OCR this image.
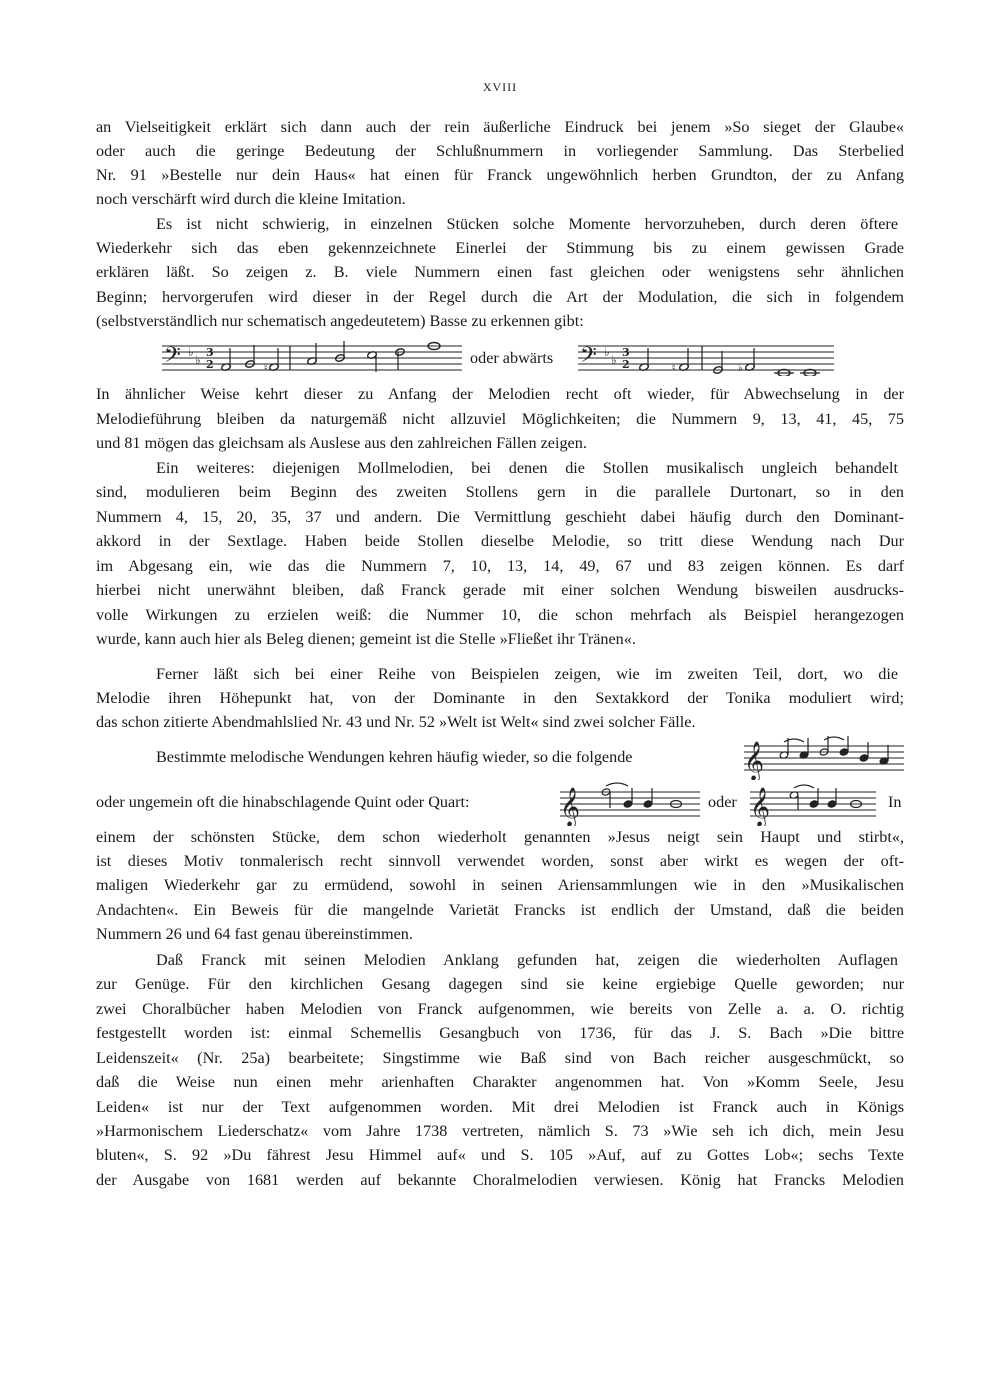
XVIII
an Vielseitigkeit erklärt sich dann auch der rein äußerliche Eindruck bei jenem »So sieget der Glaube«
oder auch die geringe Bedeutung der Schlußnummern in vorliegender Sammlung. Das Sterbelied
Nr. 91 »Bestelle nur dein Haus« hat einen für Franck ungewöhnlich herben Grundton, der zu Anfang
noch verschärft wird durch die kleine Imitation.
Es ist nicht schwierig, in einzelnen Stücken solche Momente hervorzuheben, durch deren öftere
Wiederkehr sich das eben gekennzeichnete Einerlei der Stimmung bis zu einem gewissen Grade
erklären läßt. So zeigen z. B. viele Nummern einen fast gleichen oder wenigstens sehr ähnlichen
Beginn; hervorgerufen wird dieser in der Regel durch die Art der Modulation, die sich in folgendem
(selbstverständlich nur schematisch angedeutetem) Basse zu erkennen gibt:
𝄢 ♭
♭
3
2	♮
oder abwärts 𝄢 ♭
♭
3
2	♮	♭
In ähnlicher Weise kehrt dieser zu Anfang der Melodien recht oft wieder, für Abwechselung in der
Melodieführung bleiben da naturgemäß nicht allzuviel Möglichkeiten; die Nummern 9, 13, 41, 45, 75
und 81 mögen das gleichsam als Auslese aus den zahlreichen Fällen zeigen.
Ein weiteres: diejenigen Mollmelodien, bei denen die Stollen musikalisch ungleich behandelt
sind, modulieren beim Beginn des zweiten Stollens gern in die parallele Durtonart, so in den
Nummern 4, 15, 20, 35, 37 und andern. Die Vermittlung geschieht dabei häufig durch den Dominant-
akkord in der Sextlage. Haben beide Stollen dieselbe Melodie, so tritt diese Wendung nach Dur
im Abgesang ein, wie das die Nummern 7, 10, 13, 14, 49, 67 und 83 zeigen können. Es darf
hierbei nicht unerwähnt bleiben, daß Franck gerade mit einer solchen Wendung bisweilen ausdrucks-
volle Wirkungen zu erzielen weiß: die Nummer 10, die schon mehrfach als Beispiel herangezogen
wurde, kann auch hier als Beleg dienen; gemeint ist die Stelle »Fließet ihr Tränen«.
Ferner läßt sich bei einer Reihe von Beispielen zeigen, wie im zweiten Teil, dort, wo die
Melodie ihren Höhepunkt hat, von der Dominante in den Sextakkord der Tonika moduliert wird;
das schon zitierte Abendmahlslied Nr. 43 und Nr. 52 »Welt ist Welt« sind zwei solcher Fälle.
Bestimmte melodische Wendungen kehren häufig wieder, so die folgende	𝄞
oder ungemein oft die hinabschlagende Quint oder Quart:	𝄞	oder 𝄞	In
einem der schönsten Stücke, dem schon wiederholt genannten »Jesus neigt sein Haupt und stirbt«,
ist dieses Motiv tonmalerisch recht sinnvoll verwendet worden, sonst aber wirkt es wegen der oft-
maligen Wiederkehr gar zu ermüdend, sowohl in seinen Ariensammlungen wie in den »Musikalischen
Andachten«. Ein Beweis für die mangelnde Varietät Francks ist endlich der Umstand, daß die beiden
Nummern 26 und 64 fast genau übereinstimmen.
Daß Franck mit seinen Melodien Anklang gefunden hat, zeigen die wiederholten Auflagen
zur Genüge. Für den kirchlichen Gesang dagegen sind sie keine ergiebige Quelle geworden; nur
zwei Choralbücher haben Melodien von Franck aufgenommen, wie bereits von Zelle a. a. O. richtig
festgestellt worden ist: einmal Schemellis Gesangbuch von 1736, für das J. S. Bach »Die bittre
Leidenszeit« (Nr. 25a) bearbeitete; Singstimme wie Baß sind von Bach reicher ausgeschmückt, so
daß die Weise nun einen mehr arienhaften Charakter angenommen hat. Von »Komm Seele, Jesu
Leiden« ist nur der Text aufgenommen worden. Mit drei Melodien ist Franck auch in Königs
»Harmonischem Liederschatz« vom Jahre 1738 vertreten, nämlich S. 73 »Wie seh ich dich, mein Jesu
bluten«, S. 92 »Du fährest Jesu Himmel auf« und S. 105 »Auf, auf zu Gottes Lob«; sechs Texte
der Ausgabe von 1681 werden auf bekannte Choralmelodien verwiesen. König hat Francks Melodien
